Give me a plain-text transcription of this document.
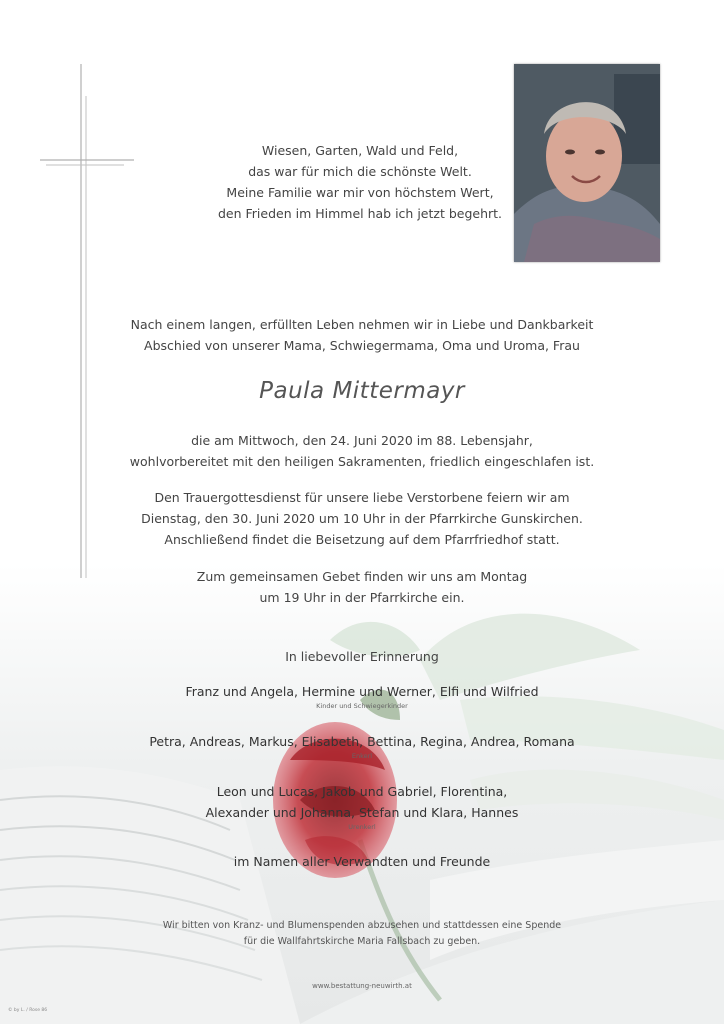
Wiesen, Garten, Wald und Feld,
das war für mich die schönste Welt.
Meine Familie war mir von höchstem Wert,
den Frieden im Himmel hab ich jetzt begehrt.

Nach einem langen, erfüllten Leben nehmen wir in Liebe und Dankbarkeit
Abschied von unserer Mama, Schwiegermama, Oma und Uroma, Frau

Paula Mittermayr

die am Mittwoch, den 24. Juni 2020 im 88. Lebensjahr,
wohlvorbereitet mit den heiligen Sakramenten, friedlich eingeschlafen ist.

Den Trauergottesdienst für unsere liebe Verstorbene feiern wir am
Dienstag, den 30. Juni 2020 um 10 Uhr in der Pfarrkirche Gunskirchen.
Anschließend findet die Beisetzung auf dem Pfarrfriedhof statt.

Zum gemeinsamen Gebet finden wir uns am Montag
um 19 Uhr in der Pfarrkirche ein.

In liebevoller Erinnerung

Franz und Angela, Hermine und Werner, Elfi und Wilfried
Kinder und Schwiegerkinder
Petra, Andreas, Markus, Elisabeth, Bettina, Regina, Andrea, Romana
Enkerl
Leon und Lucas, Jakob und Gabriel, Florentina,
Alexander und Johanna, Stefan und Klara, Hannes
Urenkerl

im Namen aller Verwandten und Freunde

Wir bitten von Kranz- und Blumenspenden abzusehen und stattdessen eine Spende
für die Wallfahrtskirche Maria Fallsbach zu geben.

www.bestattung-neuwirth.at

© by L. / Rose 86
